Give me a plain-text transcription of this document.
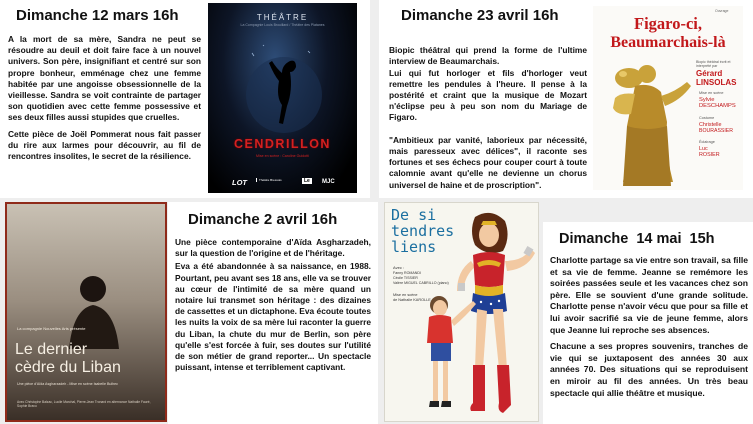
Dimanche 12 mars 16h

A la mort de sa mère, Sandra ne peut se résoudre au deuil et doit faire face à un nouvel univers. Son père, insignifiant et centré sur son propre bonheur, emménage chez une femme habitée par une angoisse obsessionnelle de la vieillesse. Sandra se voit contrainte de partager son quotidien avec cette femme possessive et ses deux filles aussi stupides que cruelles.

Cette pièce de Joël Pommerat nous fait passer du rire aux larmes pour découvrir, au fil de rencontres insolites, le secret de la résilience.

THÉÂTRE
La Compagnie Louis Brouillard / Théâtre des Platanes
CENDRILLON
Mise en scène : Caroline Guidotti
LOT	Théâtre Bressois	Le	MJC
Dimanche 23 avril 16h

Biopic théâtral qui prend la forme de l'ultime interview de Beaumarchais.
Lui qui fut horloger et fils d'horloger veut remettre les pendules à l'heure. Il pense à la postérité et craint que la musique de Mozart n'éclipse peu à peu son nom du Mariage de Figaro.

"Ambitieux par vanité, laborieux par nécessité, mais paresseux avec délices", il raconte ses fortunes et ses échecs pour couper court à toute calomnie avant qu'elle ne devienne un chorus universel de haine et de proscription".

Ouvrage
Figaro-ci,
Beaumarchais-là
Biopic théâtral écrit et interprété par
Gérard LINSOLAS
Mise en scène
Sylvie
DESCHAMPS
Costume
Christelle
BOURASSIER
Éclairage
Luc
ROSIER
La compagnie Nouvelles Arts présente
Le dernier
cèdre du Liban
Une pièce d'Aïda Asgharzadeh - Mise en scène Isabelle Bulhec
Avec Christophe Balzac, Lucile Marchal, Pierre-Jean Tronard en alternance Nathalie Fauré, Sophie Bravo
Dimanche 2 avril 16h

Une pièce contemporaine d'Aïda Asgharzadeh, sur la question de l'origine et de l'héritage.

Eva a été abandonnée à sa naissance, en 1988. Pourtant, peu avant ses 18 ans, elle va se trouver au cœur de l'intimité de sa mère quand un notaire lui transmet son héritage : des dizaines de cassettes et un dictaphone. Eva écoute toutes les nuits la voix de sa mère lui raconter la guerre du Liban, la chute du mur de Berlin, son père qu'elle s'est forcée à fuir, ses doutes sur l'utilité de son métier de grand reporter... Un spectacle puissant, intense et terriblement captivant.

De si
tendres
liens
Avec :
Fanny ROMANDI
Cécile TISSIER
Valère MIGUEL CABRILLO (piano)
Mise en scène
de Nathalie KAROLLE
Dimanche  14 mai  15h

Charlotte partage sa vie entre son travail, sa fille et sa vie de femme. Jeanne se remémore les soirées passées seule et les vacances chez son père. Elle se souvient d'une grande solitude. Charlotte pense n'avoir vécu que pour sa fille et lui avoir sacrifié sa vie de jeune femme, alors que Jeanne lui reproche ses absences.

Chacune a ses propres souvenirs, tranches de vie qui se juxtaposent des années 30 aux années 70. Des situations qui se reproduisent en miroir au fil des années. Un très beau spectacle qui allie théâtre et musique.
